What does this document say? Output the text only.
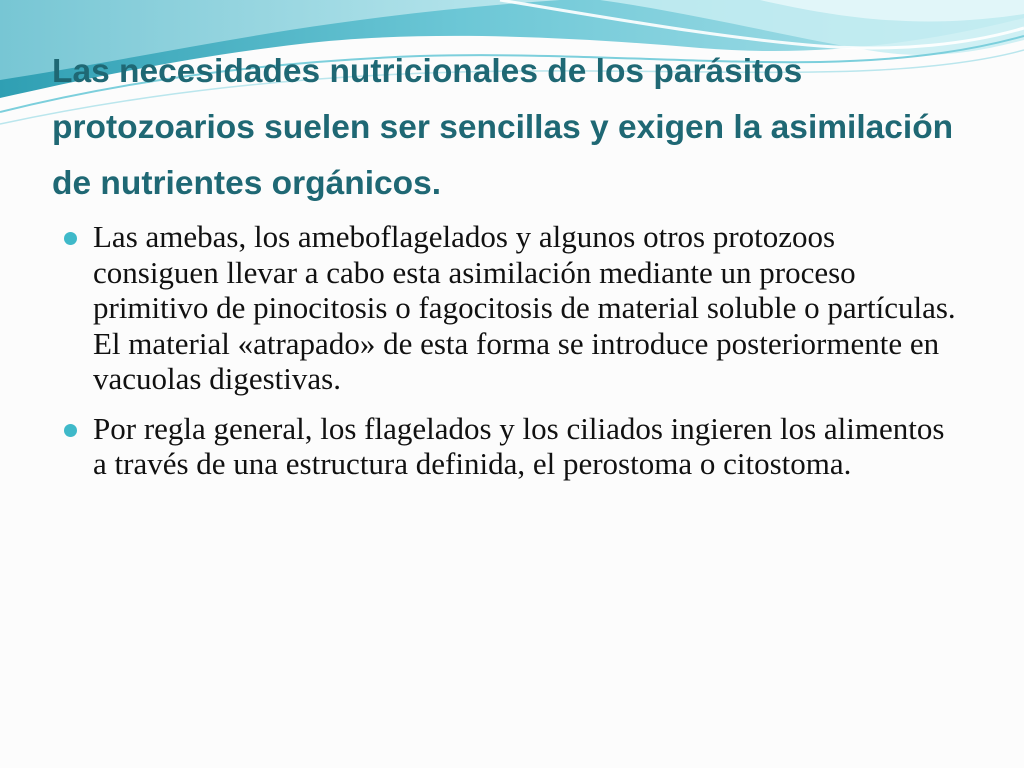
Las necesidades nutricionales de los parásitos protozoarios suelen ser sencillas y exigen la asimilación de nutrientes orgánicos.
Las amebas, los ameboflagelados y algunos otros protozoos consiguen llevar a cabo esta asimilación mediante un proceso primitivo de pinocitosis o fagocitosis de material soluble o partículas. El material «atrapado» de esta forma se introduce posteriormente en vacuolas digestivas.
Por regla general, los flagelados y los ciliados ingieren los alimentos a través de una estructura definida, el perostoma o citostoma.
